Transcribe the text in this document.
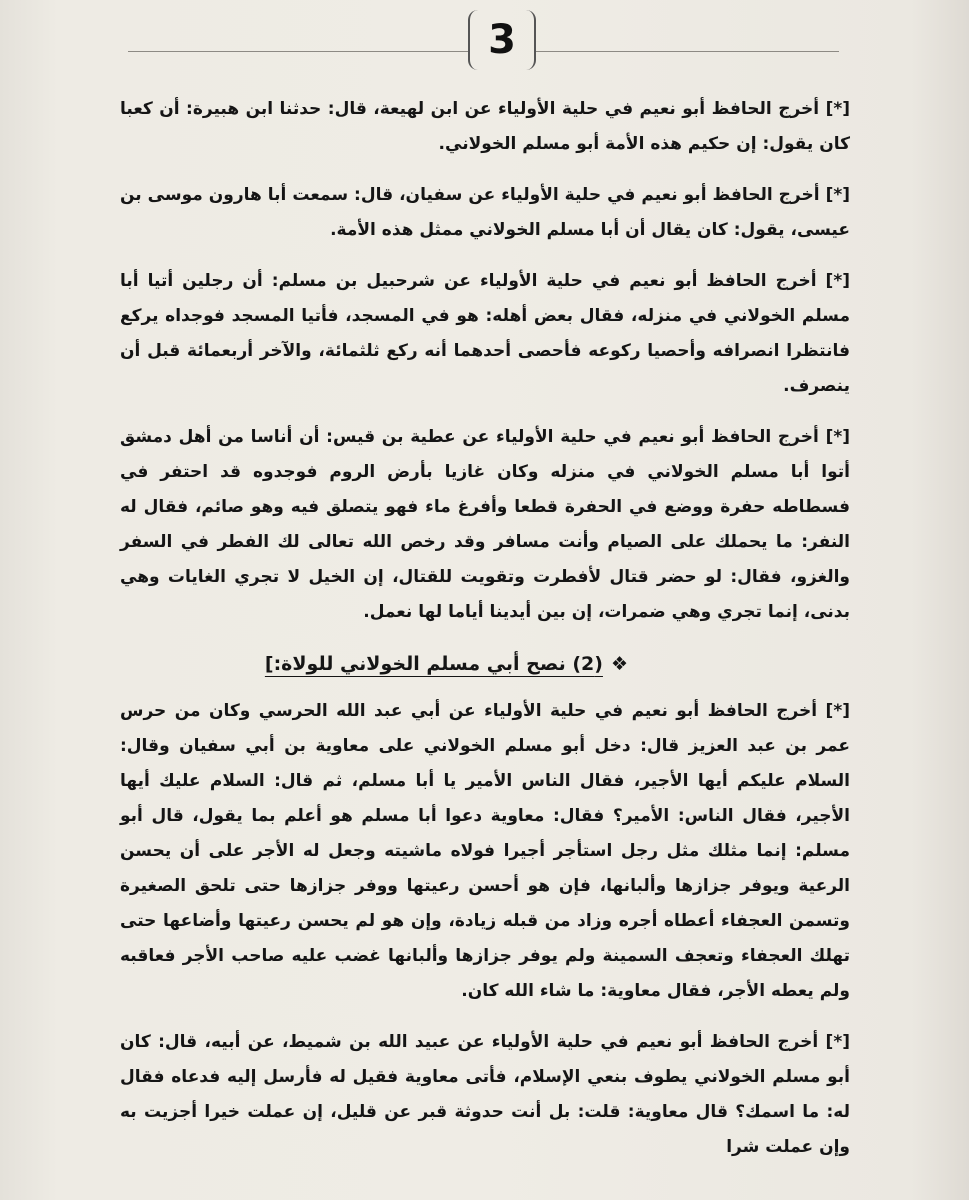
3

[*] أخرج الحافظ أبو نعيم في حلية الأولياء عن ابن لهيعة، قال: حدثنا ابن هبيرة: أن كعبا كان يقول: إن حكيم هذه الأمة أبو مسلم الخولاني.

[*] أخرج الحافظ أبو نعيم في حلية الأولياء عن سفيان، قال: سمعت أبا هارون موسى بن عيسى، يقول: كان يقال أن أبا مسلم الخولاني ممثل هذه الأمة.

[*] أخرج الحافظ أبو نعيم في حلية الأولياء عن شرحبيل بن مسلم: أن رجلين أتيا أبا مسلم الخولاني في منزله، فقال بعض أهله: هو في المسجد، فأتيا المسجد فوجداه يركع فانتظرا انصرافه وأحصيا ركوعه فأحصى أحدهما أنه ركع ثلثمائة، والآخر أربعمائة قبل أن ينصرف.

[*] أخرج الحافظ أبو نعيم في حلية الأولياء عن عطية بن قيس: أن أناسا من أهل دمشق أتوا أبا مسلم الخولاني في منزله وكان غازيا بأرض الروم فوجدوه قد احتفر في فسطاطه حفرة ووضع في الحفرة قطعا وأفرغ ماء فهو يتصلق فيه وهو صائم، فقال له النفر: ما يحملك على الصيام وأنت مسافر وقد رخص الله تعالى لك الفطر في السفر والغزو، فقال: لو حضر قتال لأفطرت وتقويت للقتال، إن الخيل لا تجري الغايات وهي بدنى، إنما تجري وهي ضمرات، إن بين أيدينا أياما لها نعمل.

❖(2) نصح أبي مسلم الخولاني للولاة:]

[*] أخرج الحافظ أبو نعيم في حلية الأولياء عن أبي عبد الله الحرسي وكان من حرس عمر بن عبد العزيز قال: دخل أبو مسلم الخولاني على معاوية بن أبي سفيان وقال: السلام عليكم أيها الأجير، فقال الناس الأمير يا أبا مسلم، ثم قال: السلام عليك أيها الأجير، فقال الناس: الأمير؟ فقال: معاوية دعوا أبا مسلم هو أعلم بما يقول، قال أبو مسلم: إنما مثلك مثل رجل استأجر أجيرا فولاه ماشيته وجعل له الأجر على أن يحسن الرعية ويوفر جزازها وألبانها، فإن هو أحسن رعيتها ووفر جزازها حتى تلحق الصغيرة وتسمن العجفاء أعطاه أجره وزاد من قبله زيادة، وإن هو لم يحسن رعيتها وأضاعها حتى تهلك العجفاء وتعجف السمينة ولم يوفر جزازها وألبانها غضب عليه صاحب الأجر فعاقبه ولم يعطه الأجر، فقال معاوية: ما شاء الله كان.

[*] أخرج الحافظ أبو نعيم في حلية الأولياء عن عبيد الله بن شميط، عن أبيه، قال: كان أبو مسلم الخولاني يطوف بنعي الإسلام، فأتى معاوية فقيل له فأرسل إليه فدعاه فقال له: ما اسمك؟ قال معاوية: قلت: بل أنت حدوثة قبر عن قليل، إن عملت خيرا أجزيت به وإن عملت شرا
